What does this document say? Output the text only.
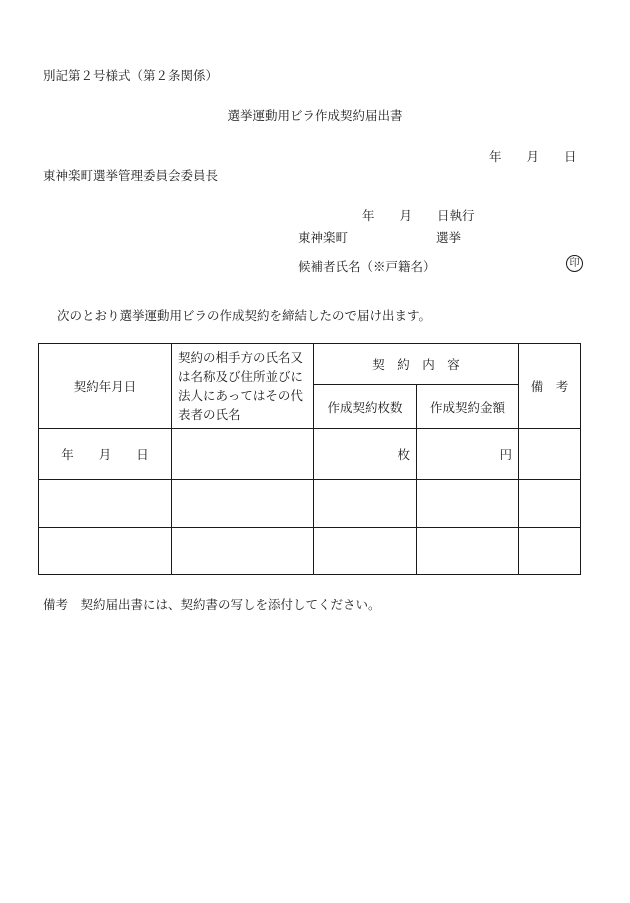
別記第２号様式（第２条関係）
選挙運動用ビラ作成契約届出書
年　　月　　日
東神楽町選挙管理委員会委員長
年　　月　　日執行
東神楽町	選挙
候補者氏名（※戸籍名）	印
次のとおり選挙運動用ビラの作成契約を締結したので届け出ます。
契約年月日	契約の相手方の氏名又は名称及び住所並びに法人にあってはその代表者の氏名	契　約　内　容		備　考
		作成契約枚数	作成契約金額	
年　　月　　日		枚	円	

備考　契約届出書には、契約書の写しを添付してください。
